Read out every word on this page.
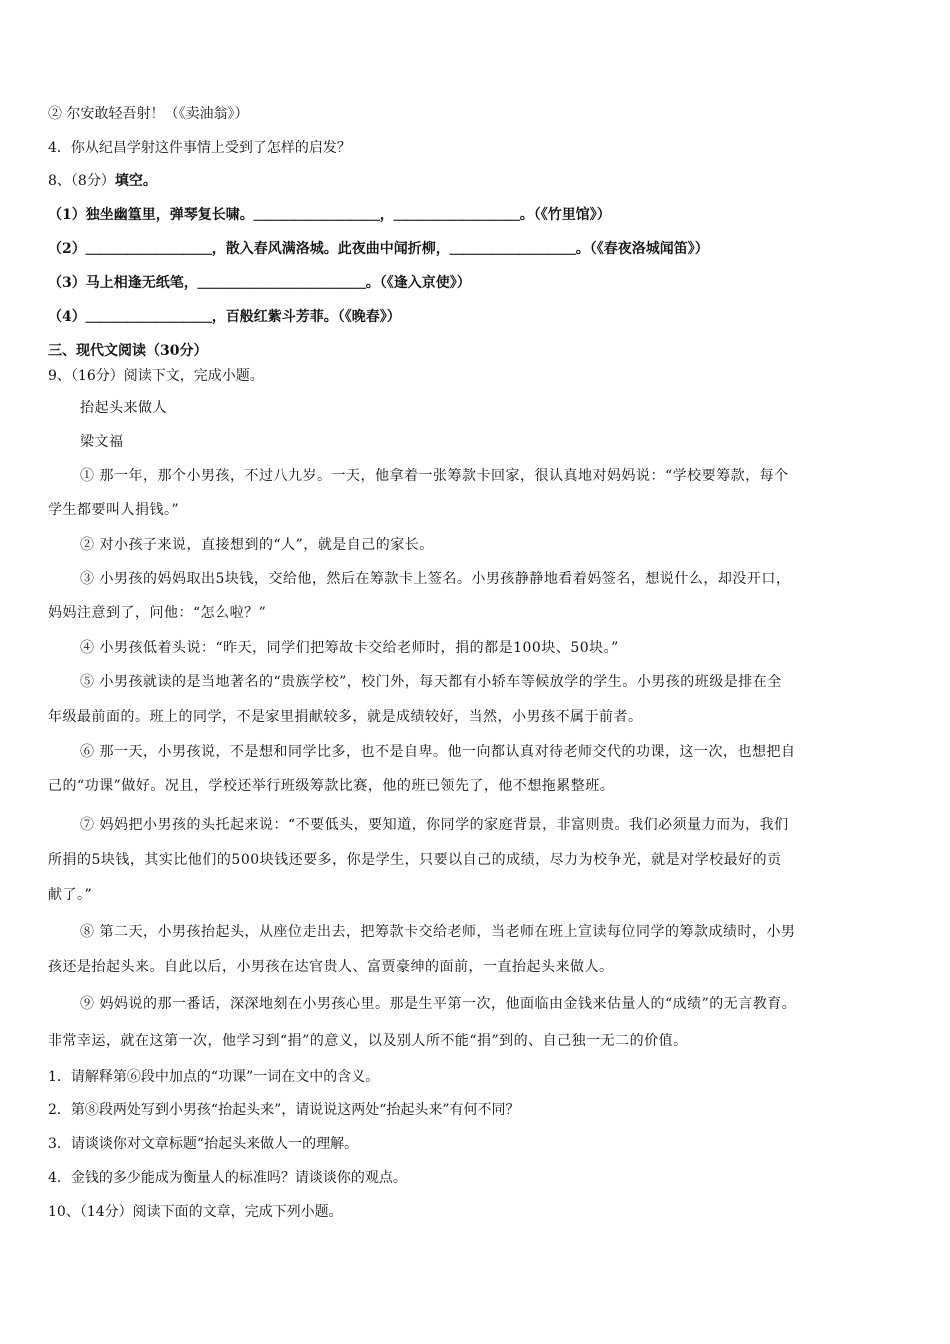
② 尔安敢轻吾射！（《卖油翁》）
4．你从纪昌学射这件事情上受到了怎样的启发？
8、（8分）填空。
（1）独坐幽篁里，弹琴复长啸。＿＿＿＿＿＿＿＿＿，＿＿＿＿＿＿＿＿＿。（《竹里馆》）
（2）＿＿＿＿＿＿＿＿＿，散入春风满洛城。此夜曲中闻折柳，＿＿＿＿＿＿＿＿＿。（《春夜洛城闻笛》）
（3）马上相逢无纸笔，＿＿＿＿＿＿＿＿＿＿＿＿。（《逢入京使》）
（4）＿＿＿＿＿＿＿＿＿，百般红紫斗芳菲。（《晚春》）
三、现代文阅读（30分）
9、（16分）阅读下文，完成小题。
抬起头来做人
梁文福
① 那一年，那个小男孩，不过八九岁。一天，他拿着一张筹款卡回家，很认真地对妈妈说：“学校要筹款，每个
学生都要叫人捐钱。”
② 对小孩子来说，直接想到的“人”，就是自己的家长。
③ 小男孩的妈妈取出5块钱，交给他，然后在筹款卡上签名。小男孩静静地看着妈签名，想说什么，却没开口，
妈妈注意到了，问他：“怎么啦？”
④ 小男孩低着头说：“昨天，同学们把筹故卡交给老师时，捐的都是100块、50块。”
⑤ 小男孩就读的是当地著名的“贵族学校”，校门外，每天都有小轿车等候放学的学生。小男孩的班级是排在全
年级最前面的。班上的同学，不是家里捐献较多，就是成绩较好，当然，小男孩不属于前者。
⑥ 那一天，小男孩说，不是想和同学比多，也不是自卑。他一向都认真对待老师交代的功课，这一次，也想把自
己的“功课”做好。况且，学校还举行班级筹款比赛，他的班已领先了，他不想拖累整班。
⑦ 妈妈把小男孩的头托起来说：“不要低头，要知道，你同学的家庭背景，非富则贵。我们必须量力而为，我们
所捐的5块钱，其实比他们的500块钱还要多，你是学生，只要以自己的成绩，尽力为校争光，就是对学校最好的贡
献了。”
⑧ 第二天，小男孩抬起头，从座位走出去，把筹款卡交给老师，当老师在班上宣读每位同学的筹款成绩时，小男
孩还是抬起头来。自此以后，小男孩在达官贵人、富贾豪绅的面前，一直抬起头来做人。
⑨ 妈妈说的那一番话，深深地刻在小男孩心里。那是生平第一次，他面临由金钱来估量人的“成绩”的无言教育。
非常幸运，就在这第一次，他学习到“捐”的意义，以及别人所不能“捐”到的、自己独一无二的价值。
1．请解释第⑥段中加点的“功课”一词在文中的含义。
2．第⑧段两处写到小男孩“抬起头来”，请说说这两处“抬起头来”有何不同？
3．请谈谈你对文章标题“抬起头来做人一的理解。
4．金钱的多少能成为衡量人的标准吗？请谈谈你的观点。
10、（14分）阅读下面的文章，完成下列小题。
